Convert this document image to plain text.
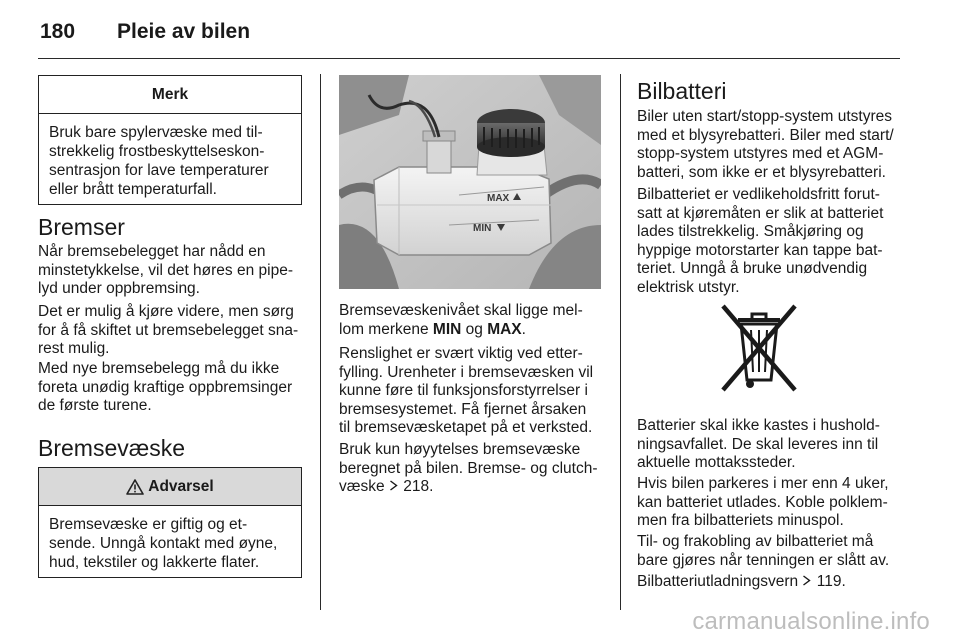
180 Pleie av bilen
Merk
Bruk bare spylervæske med til-
strekkelig frostbeskyttelseskon-
sentrasjon for lave temperaturer
eller brått temperaturfall.
Bremser
Når bremsebelegget har nådd en
minstetykkelse, vil det høres en pipe-
lyd under oppbremsing.
Det er mulig å kjøre videre, men sørg
for å få skiftet ut bremsebelegget sna-
rest mulig.
Med nye bremsebelegg må du ikke
foreta unødig kraftige oppbremsinger
de første turene.
Bremsevæske
Advarsel
Bremsevæske er giftig og et-
sende. Unngå kontakt med øyne,
hud, tekstiler og lakkerte flater.
MAX
MIN
Bremsevæskenivået skal ligge mel-
lom merkene MIN og MAX.
Renslighet er svært viktig ved etter-
fylling. Urenheter i bremsevæsken vil
kunne føre til funksjonsforstyrrelser i
bremsesystemet. Få fjernet årsaken
til bremsevæsketapet på et verksted.
Bruk kun høyytelses bremsevæske
beregnet på bilen. Bremse- og clutch-
væske 218.
Bilbatteri
Biler uten start/stopp-system utstyres
med et blysyrebatteri. Biler med start/
stopp-system utstyres med et AGM-
batteri, som ikke er et blysyrebatteri.
Bilbatteriet er vedlikeholdsfritt forut-
satt at kjøremåten er slik at batteriet
lades tilstrekkelig. Småkjøring og
hyppige motorstarter kan tappe bat-
teriet. Unngå å bruke unødvendig
elektrisk utstyr.
Batterier skal ikke kastes i hushold-
ningsavfallet. De skal leveres inn til
aktuelle mottakssteder.
Hvis bilen parkeres i mer enn 4 uker,
kan batteriet utlades. Koble polklem-
men fra bilbatteriets minuspol.
Til- og frakobling av bilbatteriet må
bare gjøres når tenningen er slått av.
Bilbatteriutladningsvern 119.
carmanualsonline.info
